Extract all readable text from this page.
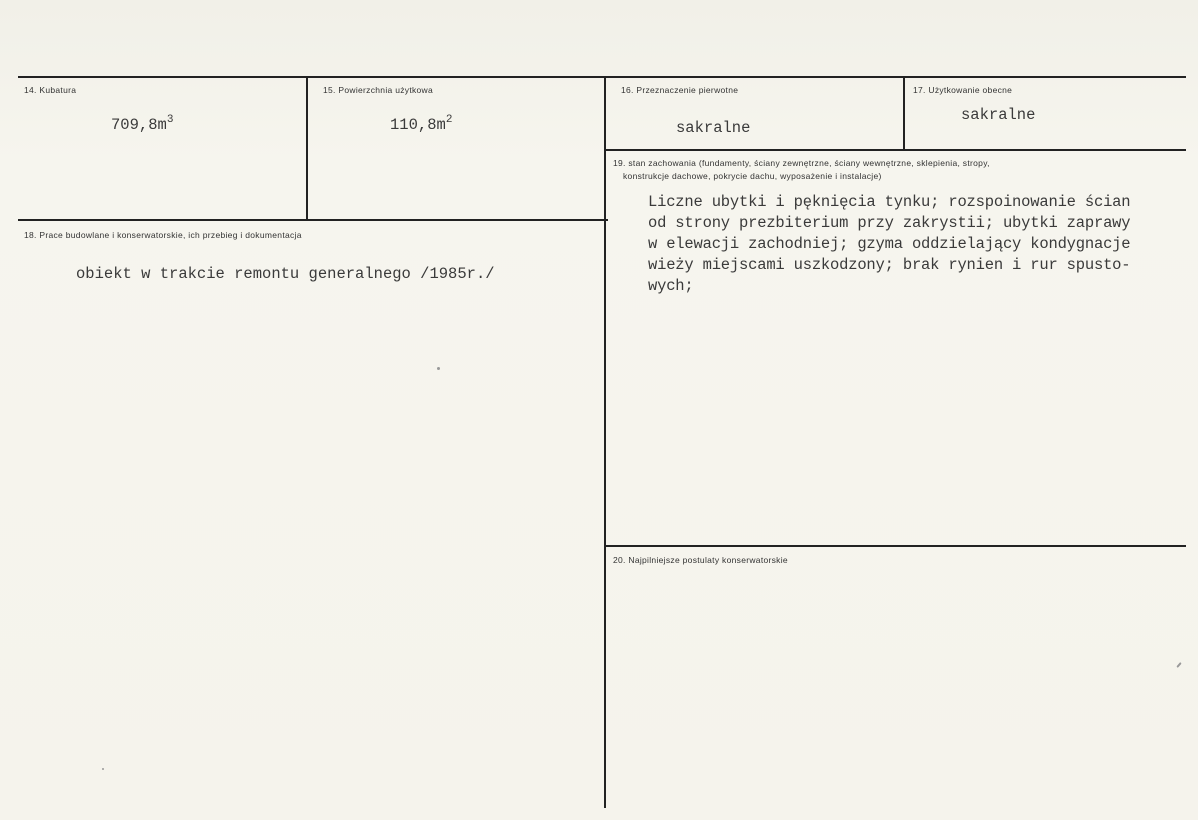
14. Kubatura
$709,8m^3$
15. Powierzchnia użytkowa
$110,8m^2$
16. Przeznaczenie pierwotne
sakralne
17. Użytkowanie obecne
sakralne
18. Prace budowlane i konserwatorskie, ich przebieg i dokumentacja
obiekt w trakcie remontu generalnego /1985r./
19. stan zachowania (fundamenty, ściany zewnętrzne, ściany wewnętrzne, sklepienia, stropy,
konstrukcje dachowe, pokrycie dachu, wyposażenie i instalacje)
Liczne ubytki i pęknięcia tynku; rozspoinowanie ścian
od strony prezbiterium przy zakrystii; ubytki zaprawy
w elewacji zachodniej; gzyma oddzielający kondygnacje
wieży miejscami uszkodzony; brak rynien i rur spusto-
wych;
20. Najpilniejsze postulaty konserwatorskie
